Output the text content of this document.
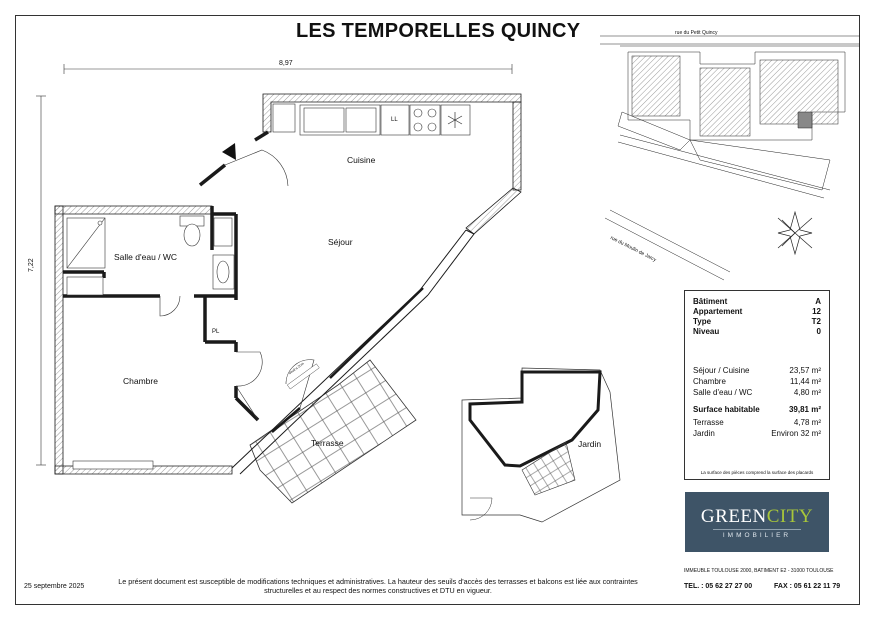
LES TEMPORELLES QUINCY
8,97
7,22
Cuisine
Séjour
Salle d'eau / WC
Chambre
Terrasse	Jardin
LL
PL
seuil ≤ 2cm
rue du Petit Quincy
rue du Moulin de Jarcy
Bâtiment	A
Appartement	12
Type	T2
Niveau	0
Séjour / Cuisine	23,57 m²
Chambre	11,44 m²
Salle d'eau / WC	4,80 m²
Surface habitable	39,81 m²
Terrasse	4,78 m²
Jardin	Environ 32 m²
La surface des pièces comprend la surface des placards
GREENCITY
IMMOBILIER
25 septembre 2025
Le présent document est susceptible de modifications techniques et administratives. La hauteur des seuils d'accès des terrasses et balcons est liée aux contraintes structurelles et au respect des normes constructives et DTU en vigueur.
IMMEUBLE TOULOUSE 2000, BATIMENT E2 - 31000 TOULOUSE
TEL. : 05 62 27 27 00	FAX : 05 61 22 11 79
